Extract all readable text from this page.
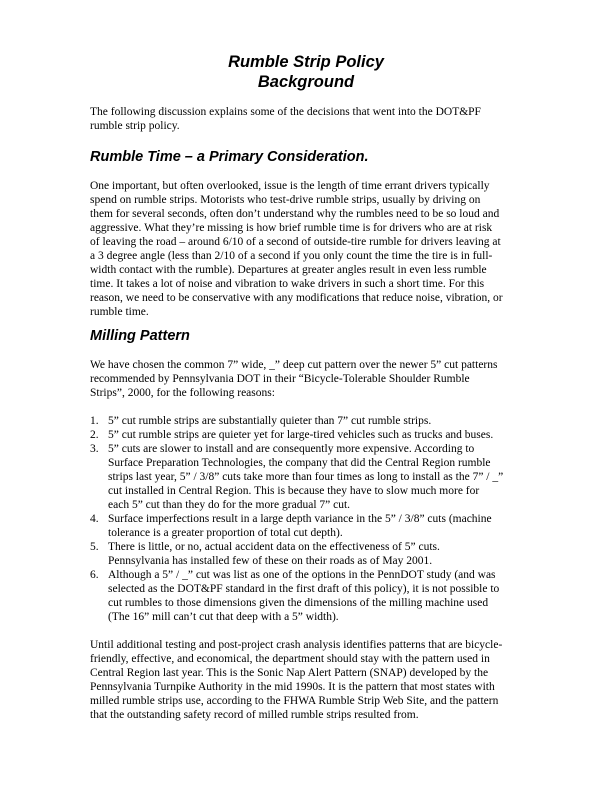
Rumble Strip Policy
Background
The following discussion explains some of the decisions that went into the DOT&PF
rumble strip policy.
Rumble Time – a Primary Consideration.
One important, but often overlooked, issue is the length of time errant drivers typically
spend on rumble strips. Motorists who test-drive rumble strips, usually by driving on
them for several seconds, often don’t understand why the rumbles need to be so loud and
aggressive. What they’re missing is how brief rumble time is for drivers who are at risk
of leaving the road – around 6/10 of a second of outside-tire rumble for drivers leaving at
a 3 degree angle (less than 2/10 of a second if you only count the time the tire is in full-
width contact with the rumble). Departures at greater angles result in even less rumble
time. It takes a lot of noise and vibration to wake drivers in such a short time. For this
reason, we need to be conservative with any modifications that reduce noise, vibration, or
rumble time.
Milling Pattern
We have chosen the common 7” wide, _” deep cut pattern over the newer 5” cut patterns
recommended by Pennsylvania DOT in their “Bicycle-Tolerable Shoulder Rumble
Strips”, 2000, for the following reasons:
1. 5” cut rumble strips are substantially quieter than 7” cut rumble strips.
2. 5” cut rumble strips are quieter yet for large-tired vehicles such as trucks and buses.
3. 5” cuts are slower to install and are consequently more expensive. According to
Surface Preparation Technologies, the company that did the Central Region rumble
strips last year, 5” / 3/8” cuts take more than four times as long to install as the 7” / _”
cut installed in Central Region. This is because they have to slow much more for
each 5” cut than they do for the more gradual 7” cut.
4. Surface imperfections result in a large depth variance in the 5” / 3/8” cuts (machine
tolerance is a greater proportion of total cut depth).
5. There is little, or no, actual accident data on the effectiveness of 5” cuts.
Pennsylvania has installed few of these on their roads as of May 2001.
6. Although a 5” / _” cut was list as one of the options in the PennDOT study (and was
selected as the DOT&PF standard in the first draft of this policy), it is not possible to
cut rumbles to those dimensions given the dimensions of the milling machine used
(The 16” mill can’t cut that deep with a 5” width).
Until additional testing and post-project crash analysis identifies patterns that are bicycle-
friendly, effective, and economical, the department should stay with the pattern used in
Central Region last year. This is the Sonic Nap Alert Pattern (SNAP) developed by the
Pennsylvania Turnpike Authority in the mid 1990s. It is the pattern that most states with
milled rumble strips use, according to the FHWA Rumble Strip Web Site, and the pattern
that the outstanding safety record of milled rumble strips resulted from.
